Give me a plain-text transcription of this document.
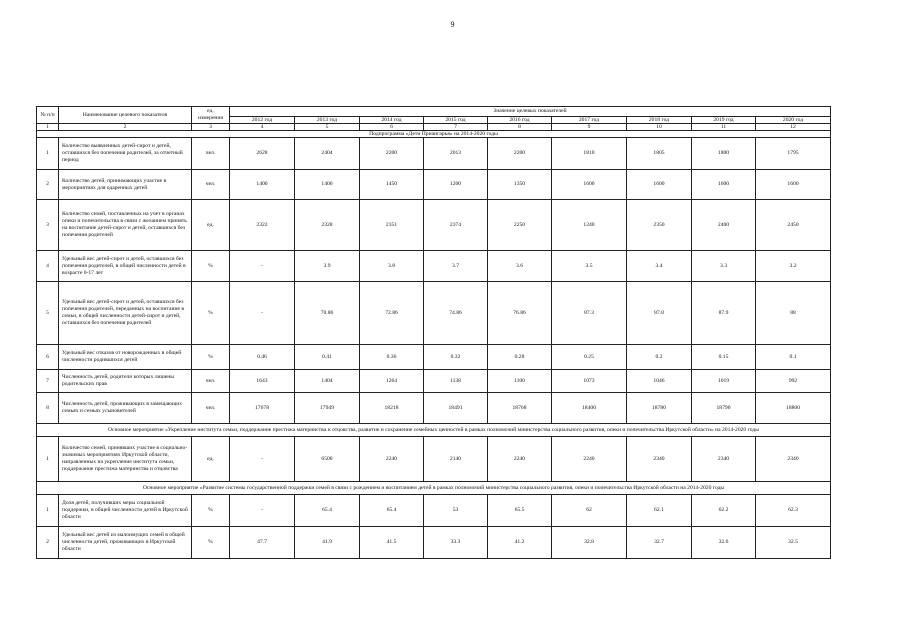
9
№ п/п	Наименование целевого показателя	ед. измерения	Значение целевых показателей								
			2012 год	2013 год	2014 год	2015 год	2016 год	2017 год	2018 год	2019 год	2020 год
1	2	3	4	5	6	7	8	9	10	11	12
Подпрограмма «Дети Приангарья» на 2014-2020 годы											
1	Количество выявленных детей-сирот и детей, оставшихся без попечения родителей, за отчетный период	чел.	2628	2404	2200	2013	2200	1810	1805	1800	1795
2	Количество детей, принимающих участие в мероприятиях для одаренных детей	чел.	1400	1400	1450	1200	1350	1600	1600	1600	1600
3	Количество семей, поставленных на учет в органах опеки и попечительства в связи с желанием принять на воспитание детей-сирот и детей, оставшихся без попечения родителей	ед.	2322	2328	2351	2374	2250	1240	2350	2400	2450
4	Удельный вес детей-сирот и детей, оставшихся без попечения родителей, в общей численности детей в возрасте 0-17 лет	%	-	3.9	3.8	3.7	3.6	3.5	3.4	3.3	3.2
5	Удельный вес детей-сирот и детей, оставшихся без попечения родителей, переданных на воспитание в семьи, в общей численности детей-сирот и детей, оставшихся без попечения родителей	%	-	70.86	72.86	74.86	76.86	87.3	87.8	87.9	88
6	Удельный вес отказов от новорожденных в общей численности родившихся детей	%	0.46	0.41	0.36	0.32	0.28	0.25	0.2	0.15	0.1
7	Численность детей, родители которых лишены родительских прав	чел.	1643	1404	1264	1138	1100	1073	1046	1019	992
8	Численность детей, проживающих в замещающих семьях и семьях усыновителей	чел.	17678	17949	18218	18491	18768	18400	18780	18790	18800
Основное мероприятие «Укрепление института семьи, поддержание престижа материнства и отцовства, развитие и сохранение семейных ценностей в рамках полномочий министерства социального развития, опеки и попечительства Иркутской области» на 2014-2020 годы											
1	Количество семей, принявших участие в социально-значимых мероприятиях Иркутской области, направленных на укрепление института семьи, поддержание престижа материнства и отцовства	ед.	-	6500	2240	2140	2240	2240	2340	2340	2340
Основное мероприятие «Развитие системы государственной поддержки семей в связи с рождением и воспитанием детей в рамках полномочий министерства социального развития, опеки и попечительства Иркутской области на 2014-2020 годы											
1	Доля детей, получивших меры социальной поддержки, в общей численности детей в Иркутской области	%	-	65.4	65.4	53	65.5	62	62.1	62.2	62.3
2	Удельный вес детей из малоимущих семей в общей численности детей, проживающих в Иркутской области	%	47.7	41.9	41.5	33.3	41.2	32.8	32.7	32.6	32.5
